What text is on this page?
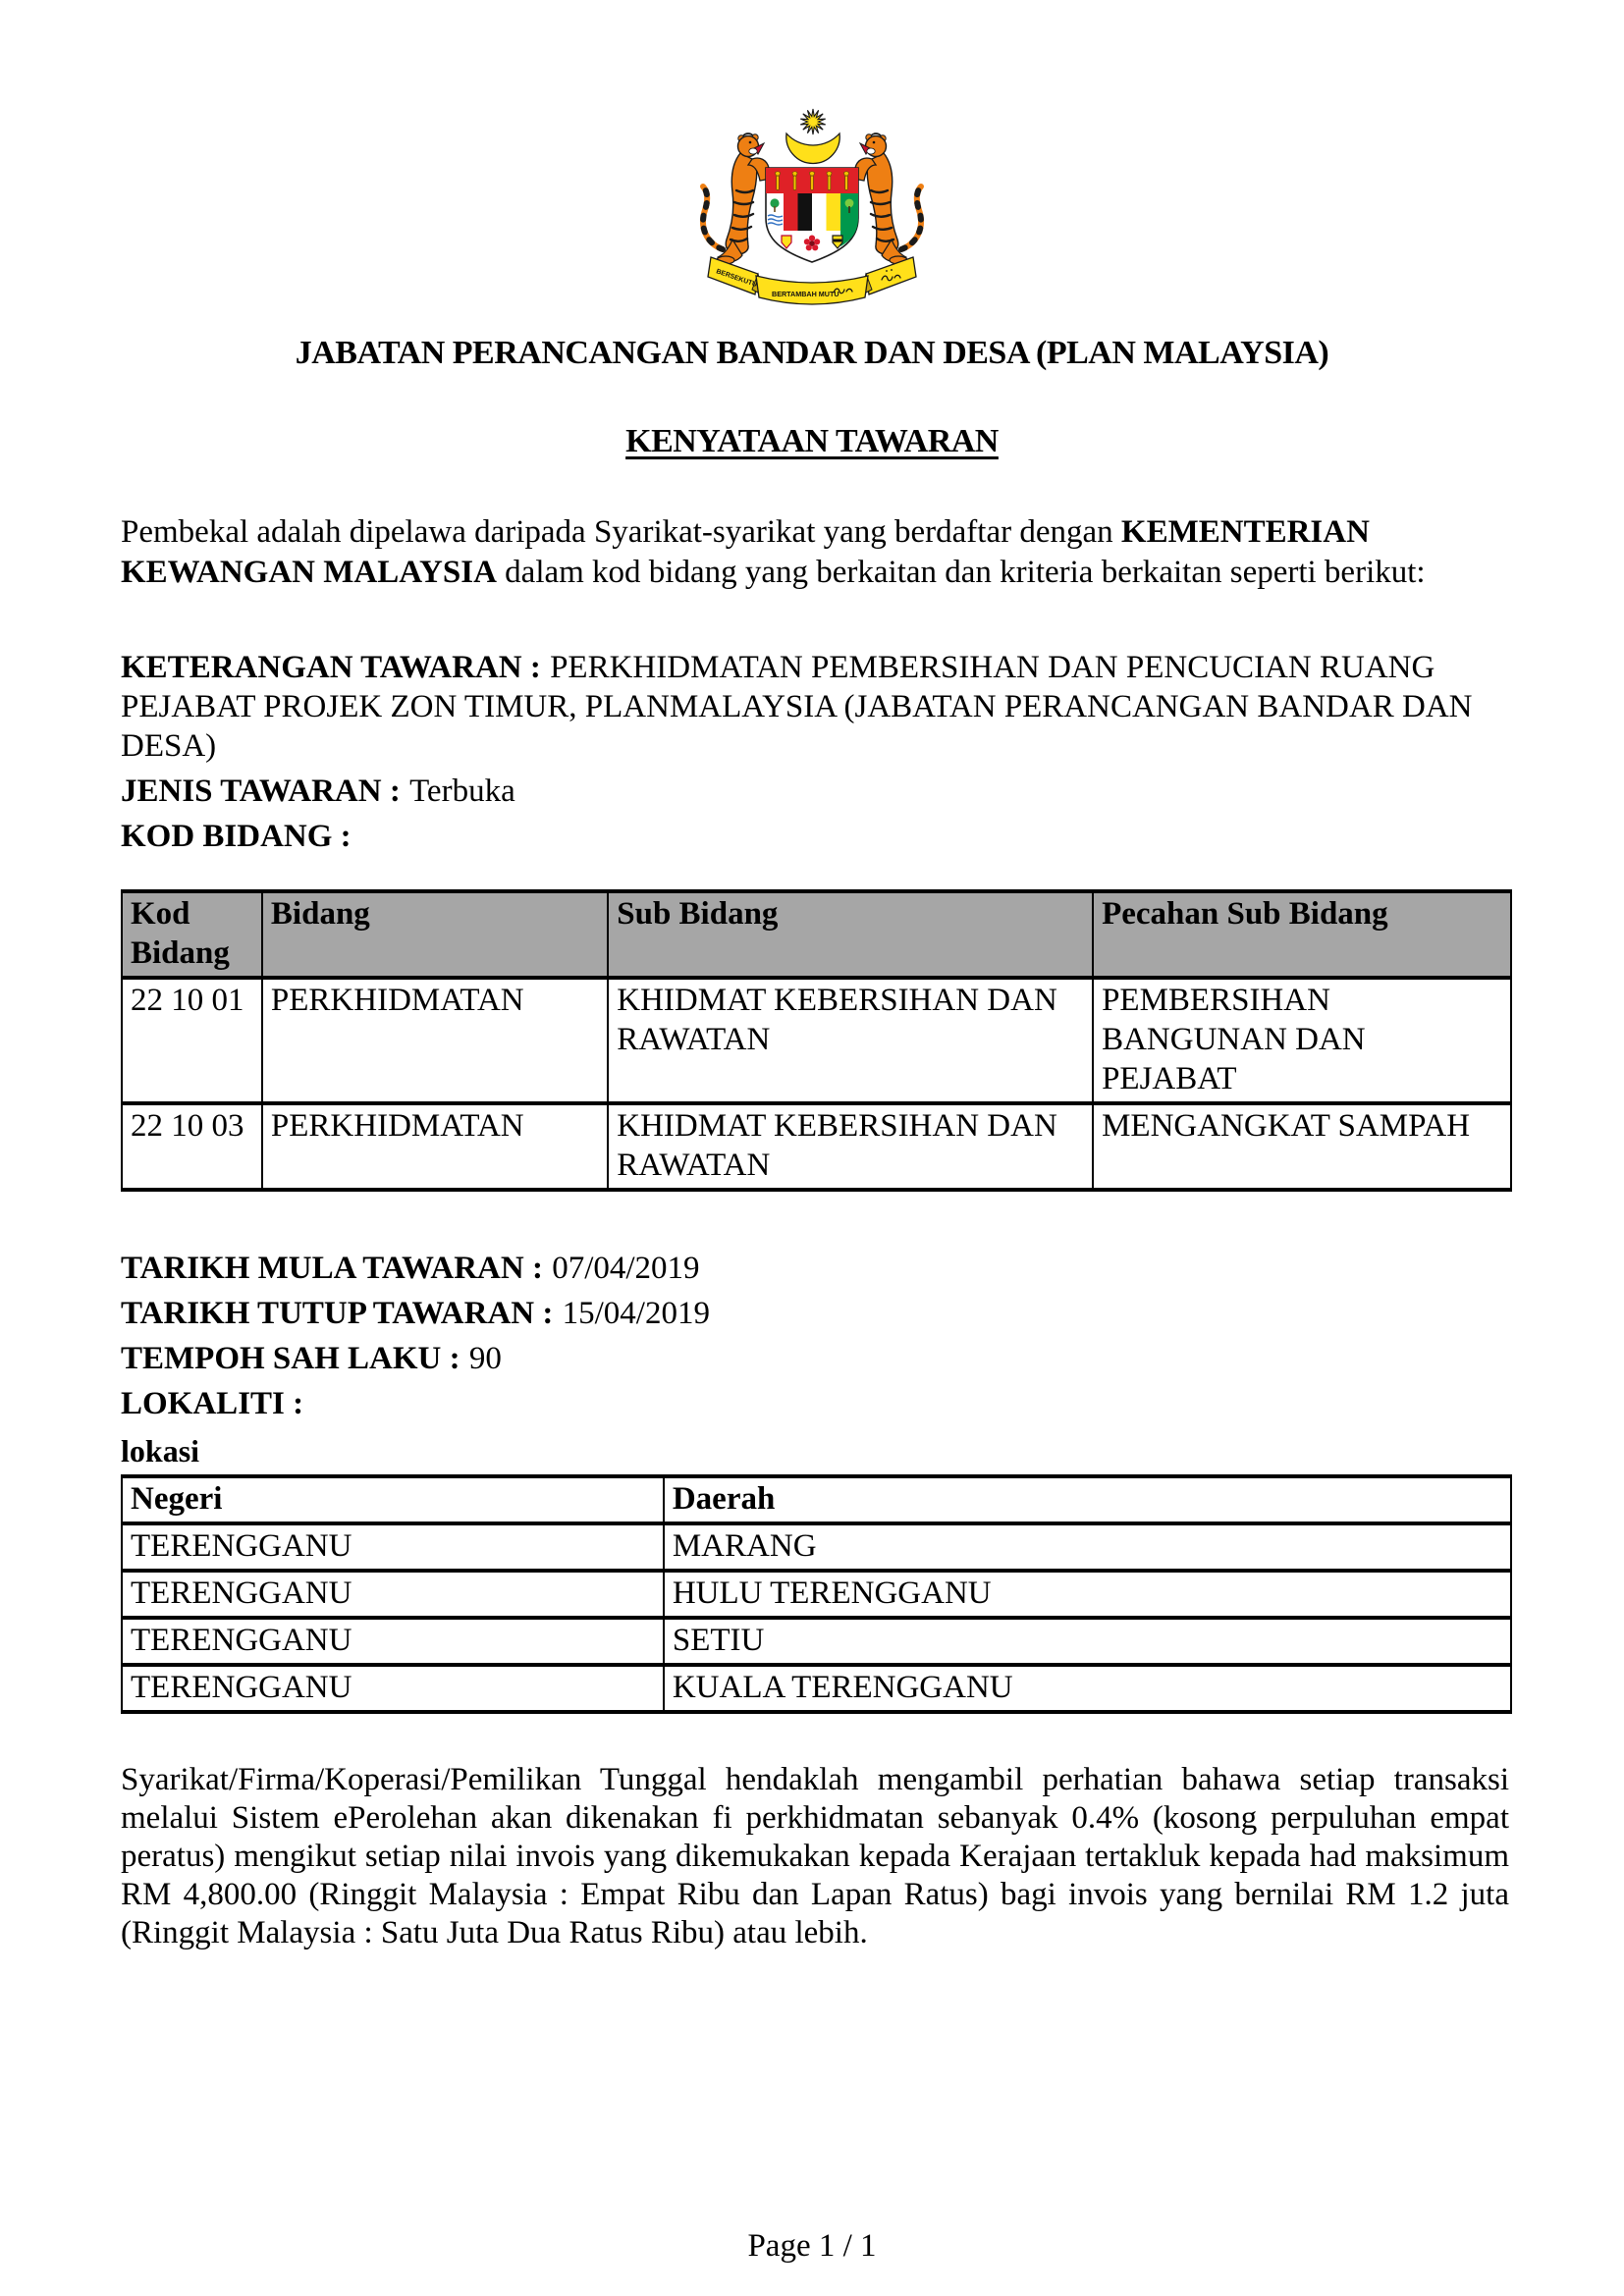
BERSEKUTU
BERTAMBAH MUTU
JABATAN PERANCANGAN BANDAR DAN DESA (PLAN MALAYSIA)
KENYATAAN TAWARAN

Pembekal adalah dipelawa daripada Syarikat-syarikat yang berdaftar dengan KEMENTERIAN KEWANGAN MALAYSIA dalam kod bidang yang berkaitan dan kriteria berkaitan seperti berikut:

KETERANGAN TAWARAN : PERKHIDMATAN PEMBERSIHAN DAN PENCUCIAN RUANG PEJABAT PROJEK ZON TIMUR, PLANMALAYSIA (JABATAN PERANCANGAN BANDAR DAN DESA)

JENIS TAWARAN : Terbuka

KOD BIDANG :

Kod Bidang	Bidang	Sub Bidang	Pecahan Sub Bidang
22 10 01	PERKHIDMATAN	KHIDMAT KEBERSIHAN DAN RAWATAN	PEMBERSIHAN BANGUNAN DAN PEJABAT
22 10 03	PERKHIDMATAN	KHIDMAT KEBERSIHAN DAN RAWATAN	MENGANGKAT SAMPAH

TARIKH MULA TAWARAN : 07/04/2019

TARIKH TUTUP TAWARAN : 15/04/2019

TEMPOH SAH LAKU : 90

LOKALITI :

lokasi

Negeri	Daerah
TERENGGANU	MARANG
TERENGGANU	HULU TERENGGANU
TERENGGANU	SETIU
TERENGGANU	KUALA TERENGGANU

Syarikat/Firma/Koperasi/Pemilikan Tunggal hendaklah mengambil perhatian bahawa setiap transaksi melalui Sistem ePerolehan akan dikenakan fi perkhidmatan sebanyak 0.4% (kosong perpuluhan empat peratus) mengikut setiap nilai invois yang dikemukakan kepada Kerajaan tertakluk kepada had maksimum RM 4,800.00 (Ringgit Malaysia : Empat Ribu dan Lapan Ratus) bagi invois yang bernilai RM 1.2 juta (Ringgit Malaysia : Satu Juta Dua Ratus Ribu) atau lebih.

Page 1 / 1
